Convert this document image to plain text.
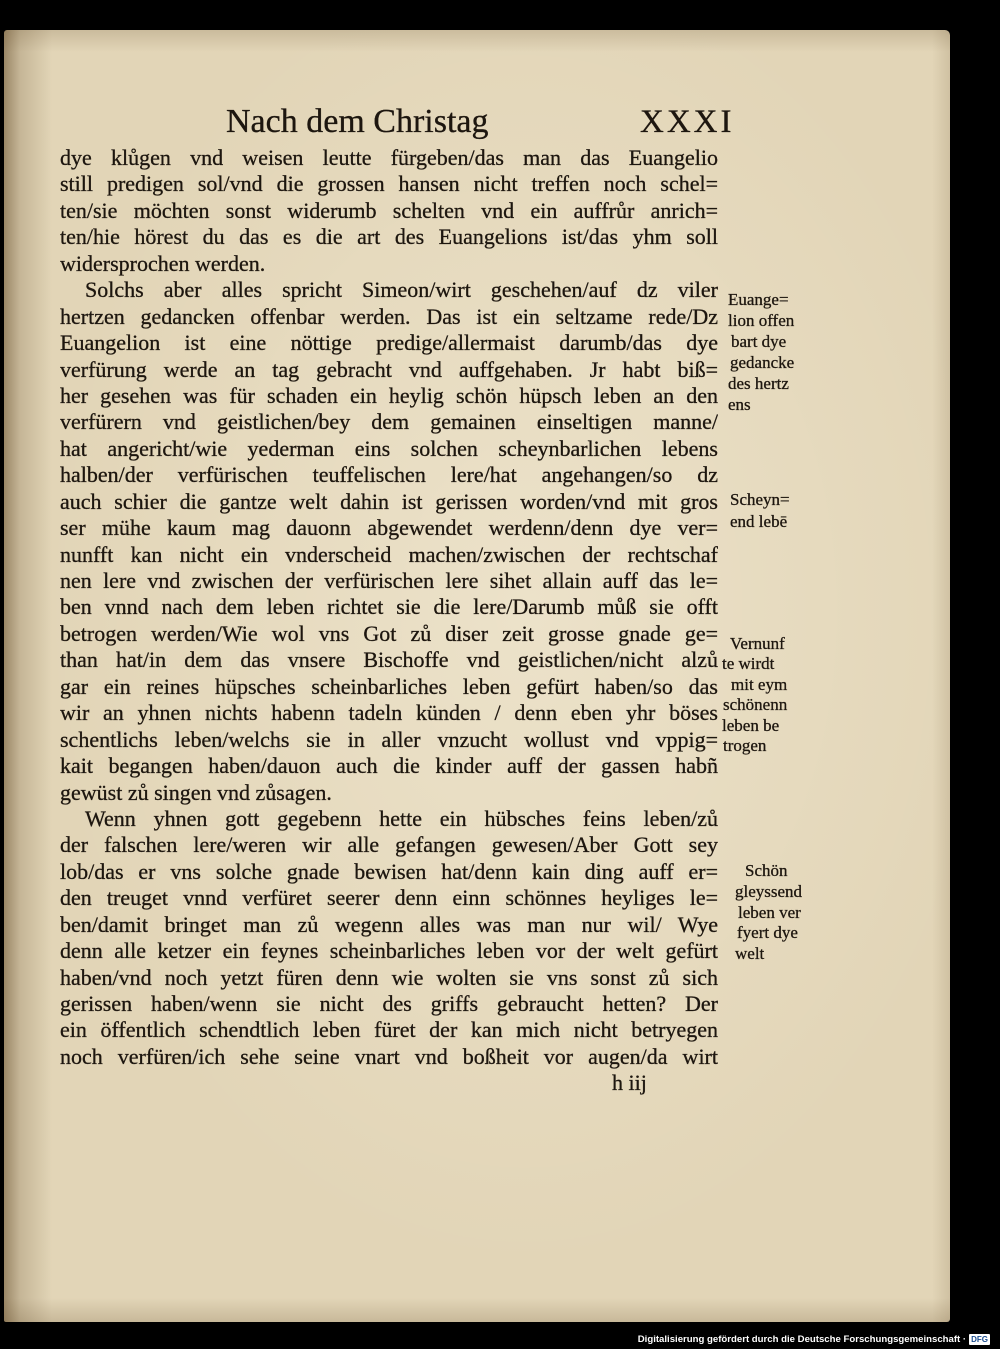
Nach dem Christag	XXXI
dye klůgen vnd weisen leutte fürgeben/das man das Euangelio
still predigen sol/vnd die grossen hansen nicht treffen noch schel=
ten/sie möchten sonst widerumb schelten vnd ein auffrůr anrich=
ten/hie hörest du das es die art des Euangelions ist/das yhm soll
widersprochen werden.
Solchs aber alles spricht Simeon/wirt geschehen/auf dz viler
hertzen gedancken offenbar werden. Das ist ein seltzame rede/Dz
Euangelion ist eine nöttige predige/allermaist darumb/das dye
verfürung werde an tag gebracht vnd auffgehaben. Jr habt biß=
her gesehen was für schaden ein heylig schön hüpsch leben an den
verfürern vnd geistlichen/bey dem gemainen einseltigen manne/
hat angericht/wie yederman eins solchen scheynbarlichen lebens
halben/der verfürischen teuffelischen lere/hat angehangen/so dz
auch schier die gantze welt dahin ist gerissen worden/vnd mit gros
ser mühe kaum mag dauonn abgewendet werdenn/denn dye ver=
nunfft kan nicht ein vnderscheid machen/zwischen der rechtschaf
nen lere vnd zwischen der verfürischen lere sihet allain auff das le=
ben vnnd nach dem leben richtet sie die lere/Darumb můß sie offt
betrogen werden/Wie wol vns Got zů diser zeit grosse gnade ge=
than hat/in dem das vnsere Bischoffe vnd geistlichen/nicht alzů
gar ein reines hüpsches scheinbarliches leben gefürt haben/so das
wir an yhnen nichts habenn tadeln künden / denn eben yhr böses
schentlichs leben/welchs sie in aller vnzucht wollust vnd vppig=
kait begangen haben/dauon auch die kinder auff der gassen habñ
gewüst zů singen vnd zůsagen.
Wenn yhnen gott gegebenn hette ein hübsches feins leben/zů
der falschen lere/weren wir alle gefangen gewesen/Aber Gott sey
lob/das er vns solche gnade bewisen hat/denn kain ding auff er=
den treuget vnnd verfüret seerer denn einn schönnes heyliges le=
ben/damit bringet man zů wegenn alles was man nur wil/ Wye
denn alle ketzer ein feynes scheinbarliches leben vor der welt gefürt
haben/vnd noch yetzt füren denn wie wolten sie vns sonst zů sich
gerissen haben/wenn sie nicht des griffs gebraucht hetten? Der
ein öffentlich schendtlich leben füret der kan mich nicht betryegen
noch verfüren/ich sehe seine vnart vnd boßheit vor augen/da wirt
h iij
Euange=
lion offen
bart dye
gedancke
des hertz
ens
Scheyn=
end lebē
Vernunf
te wirdt
mit eym
schönenn
leben be
trogen
Schön
gleyssend
leben ver
fyert dye
welt
Digitalisierung gefördert durch die Deutsche Forschungsgemeinschaft · DFG
